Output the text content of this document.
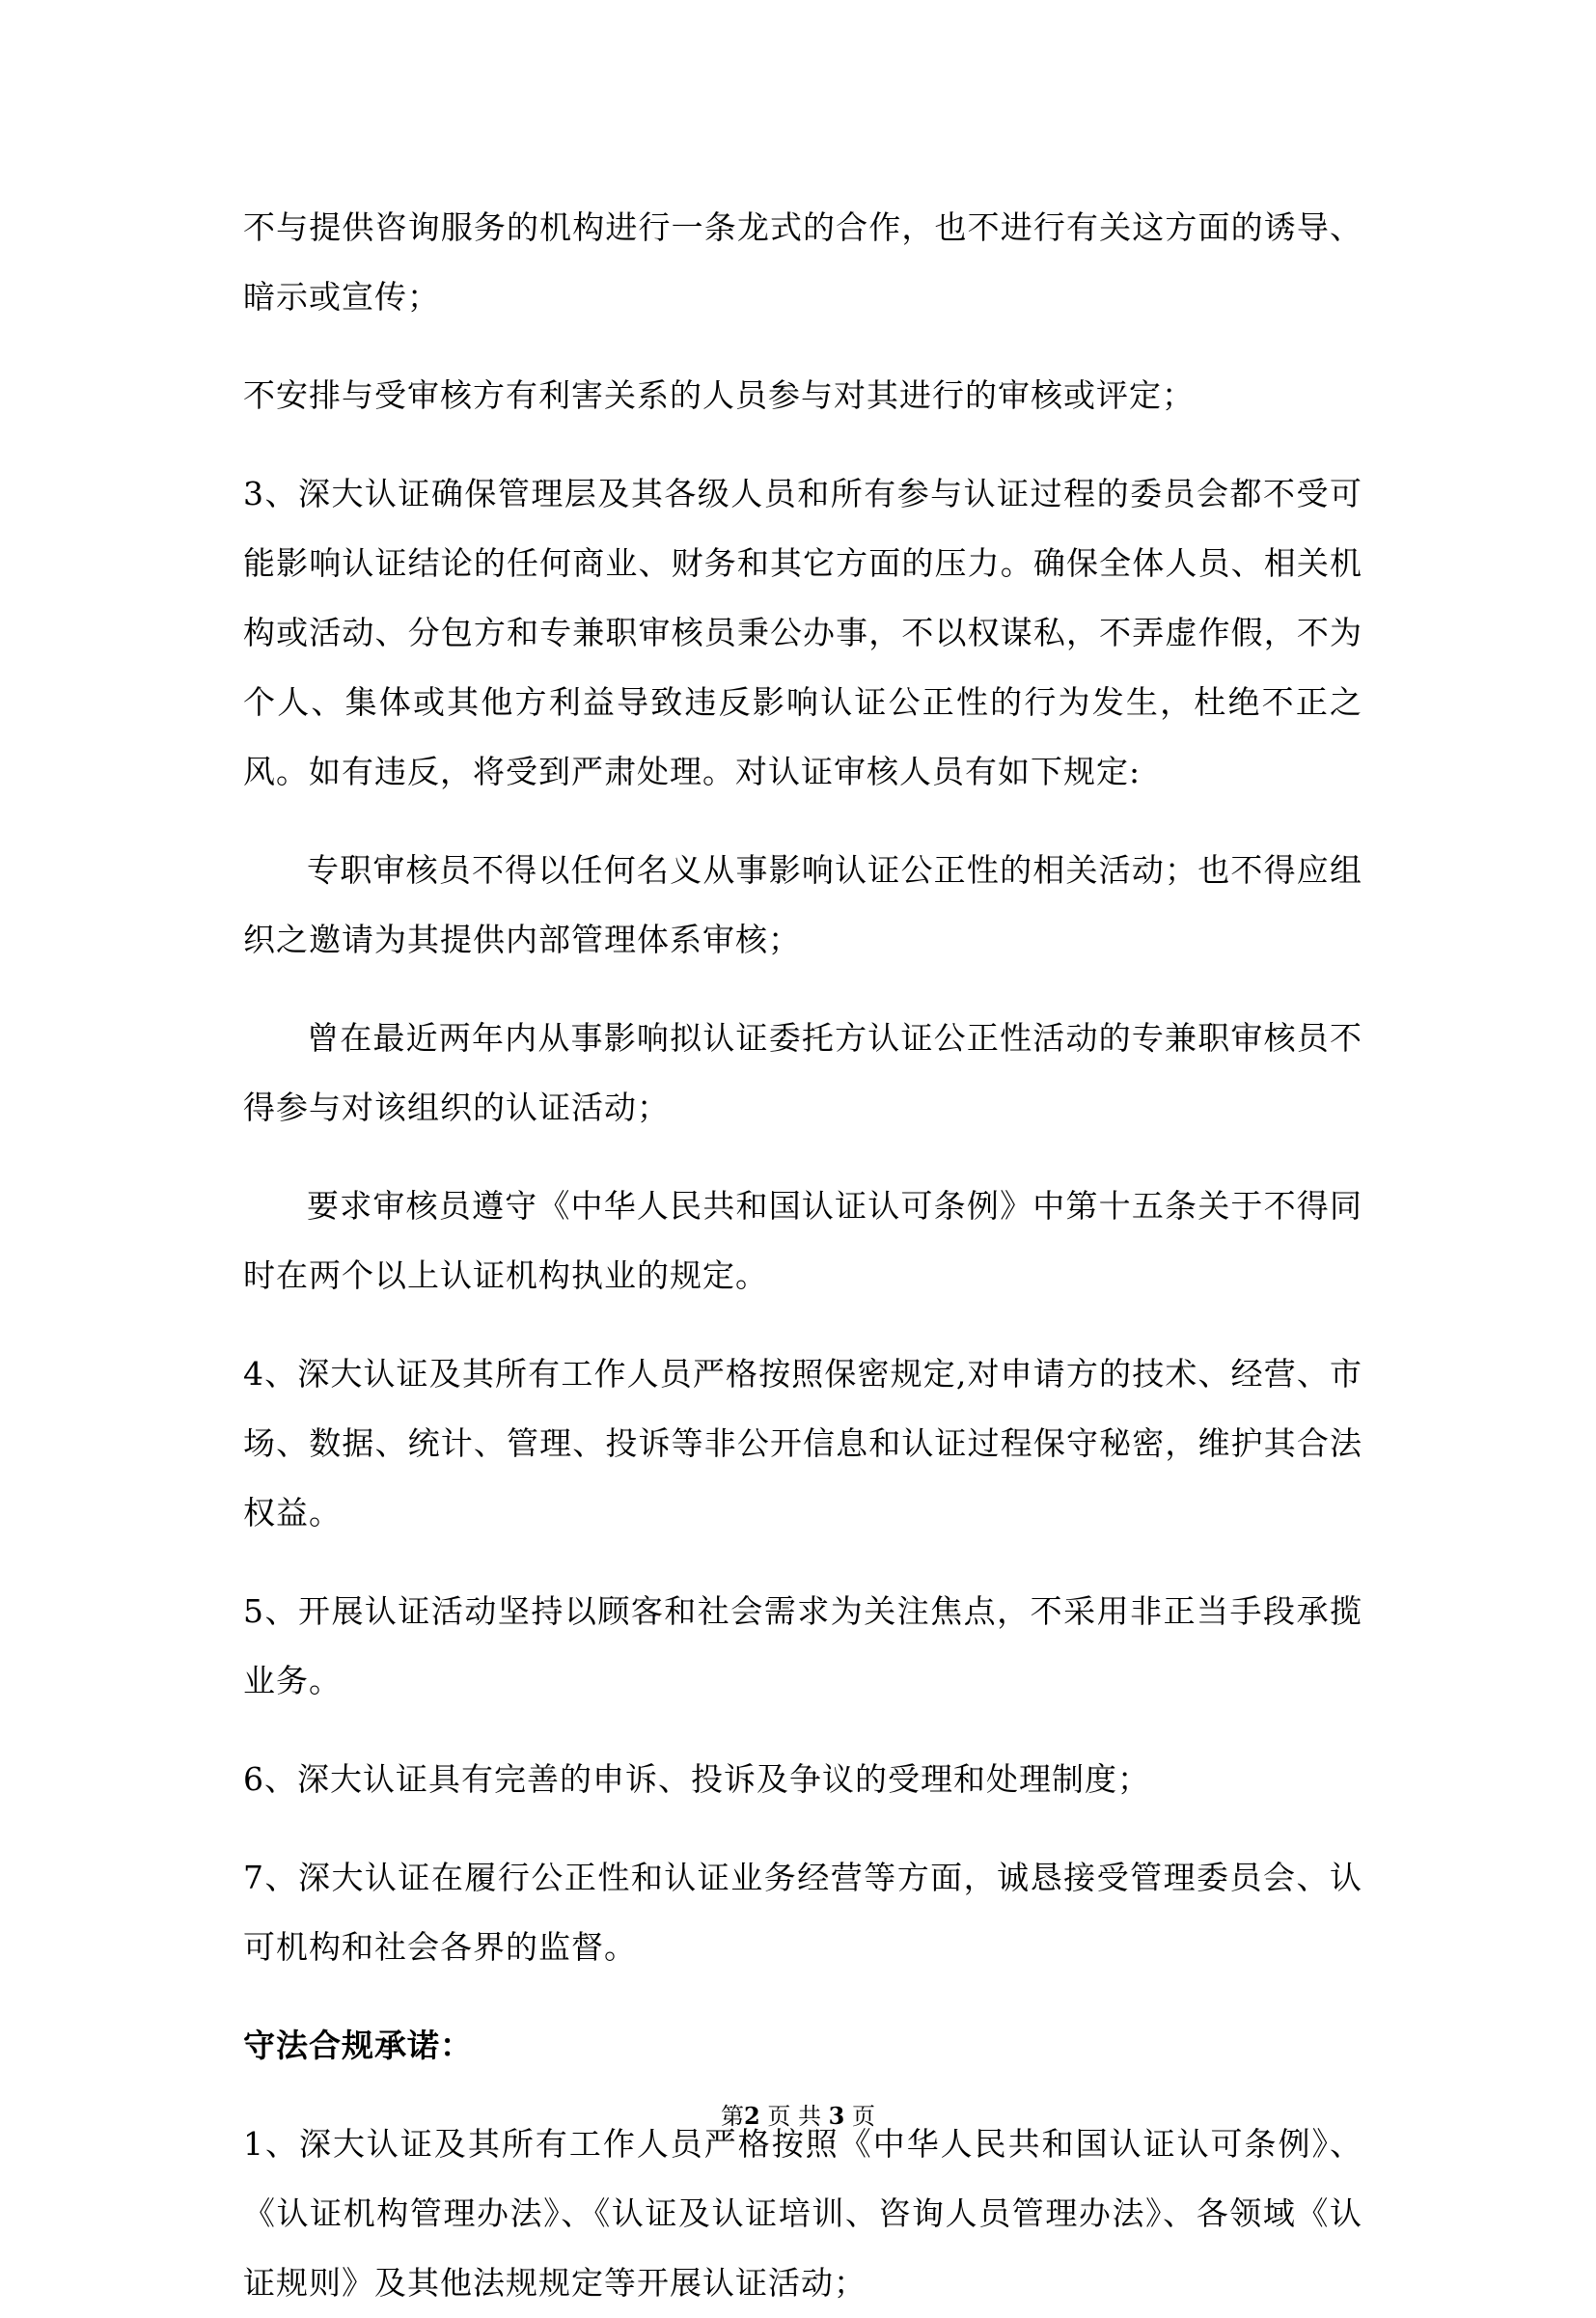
不与提供咨询服务的机构进行一条龙式的合作，也不进行有关这方面的诱导、暗示或宣传；

不安排与受审核方有利害关系的人员参与对其进行的审核或评定；

3、深大认证确保管理层及其各级人员和所有参与认证过程的委员会都不受可能影响认证结论的任何商业、财务和其它方面的压力。确保全体人员、相关机构或活动、分包方和专兼职审核员秉公办事，不以权谋私，不弄虚作假，不为个人、集体或其他方利益导致违反影响认证公正性的行为发生，杜绝不正之风。如有违反，将受到严肃处理。对认证审核人员有如下规定:

专职审核员不得以任何名义从事影响认证公正性的相关活动；也不得应组织之邀请为其提供内部管理体系审核；

曾在最近两年内从事影响拟认证委托方认证公正性活动的专兼职审核员不得参与对该组织的认证活动；

要求审核员遵守《中华人民共和国认证认可条例》中第十五条关于不得同时在两个以上认证机构执业的规定。

4、深大认证及其所有工作人员严格按照保密规定,对申请方的技术、经营、市场、数据、统计、管理、投诉等非公开信息和认证过程保守秘密，维护其合法权益。

5、开展认证活动坚持以顾客和社会需求为关注焦点，不采用非正当手段承揽业务。

6、深大认证具有完善的申诉、投诉及争议的受理和处理制度；

7、深大认证在履行公正性和认证业务经营等方面，诚恳接受管理委员会、认可机构和社会各界的监督。

守法合规承诺：

1、深大认证及其所有工作人员严格按照《中华人民共和国认证认可条例》、《认证机构管理办法》、《认证及认证培训、咨询人员管理办法》、各领域《认证规则》及其他法规规定等开展认证活动；

第2 页 共 3 页
